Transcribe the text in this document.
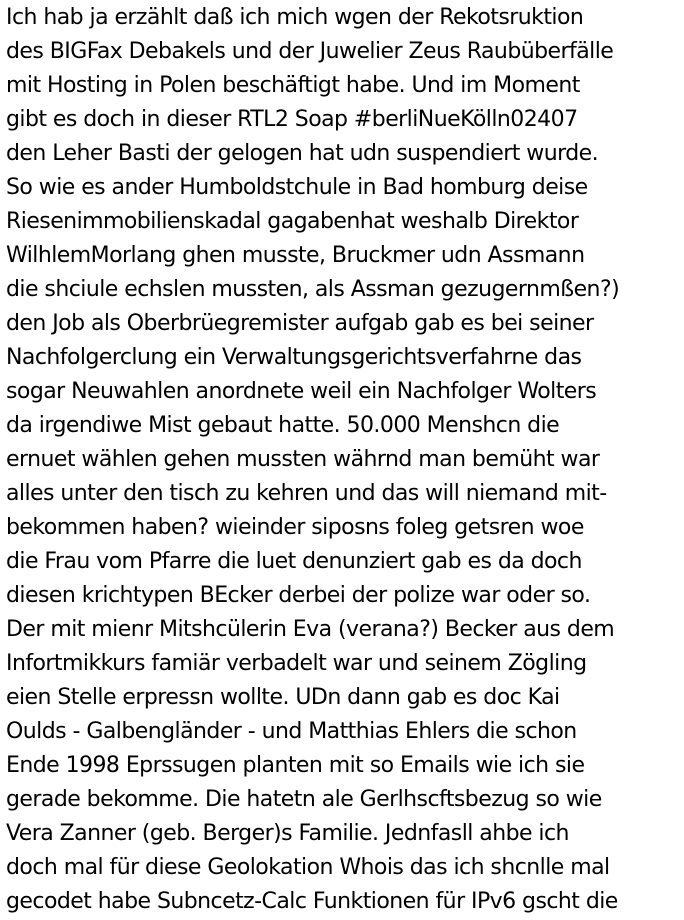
Ich hab ja erzählt daß ich mich wgen der Rekotsruktion
des BIGFax Debakels und der Juwelier Zeus Raubüberfälle
mit Hosting in Polen beschäftigt habe. Und im Moment
gibt es doch in dieser RTL2 Soap #berliNueKölln02407
den Leher Basti der gelogen hat udn suspendiert wurde.
So wie es ander Humboldstchule in Bad homburg deise
Riesenimmobilienskadal gagabenhat weshalb Direktor
WilhlemMorlang ghen musste, Bruckmer udn Assmann
die shciule echslen mussten, als Assman gezugernmßen?)
den Job als Oberbrüegremister aufgab gab es bei seiner
Nachfolgerclung ein Verwaltungsgerichtsverfahrne das
sogar Neuwahlen anordnete weil ein Nachfolger Wolters
da irgendiwe Mist gebaut hatte. 50.000 Menshcn die
ernuet wählen gehen mussten währnd man bemüht war
alles unter den tisch zu kehren und das will niemand mit-
bekommen haben? wieinder siposns foleg getsren woe
die Frau vom Pfarre die luet denunziert gab es da doch
diesen krichtypen BEcker derbei der polize war oder so.
Der mit mienr Mitshcülerin Eva (verana?) Becker aus dem
Infortmikkurs famiär verbadelt war und seinem Zögling
eien Stelle erpressn wollte. UDn dann gab es doc Kai
Oulds - Galbengländer - und Matthias Ehlers die schon
Ende 1998 Eprssugen planten mit so Emails wie ich sie
gerade bekomme. Die hatetn ale Gerlhscftsbezug so wie
Vera Zanner (geb. Berger)s Familie. Jednfasll ahbe ich
doch mal für diese Geolokation Whois das ich shcnlle mal
gecodet habe Subncetz-Calc Funktionen für IPv6 gscht die
